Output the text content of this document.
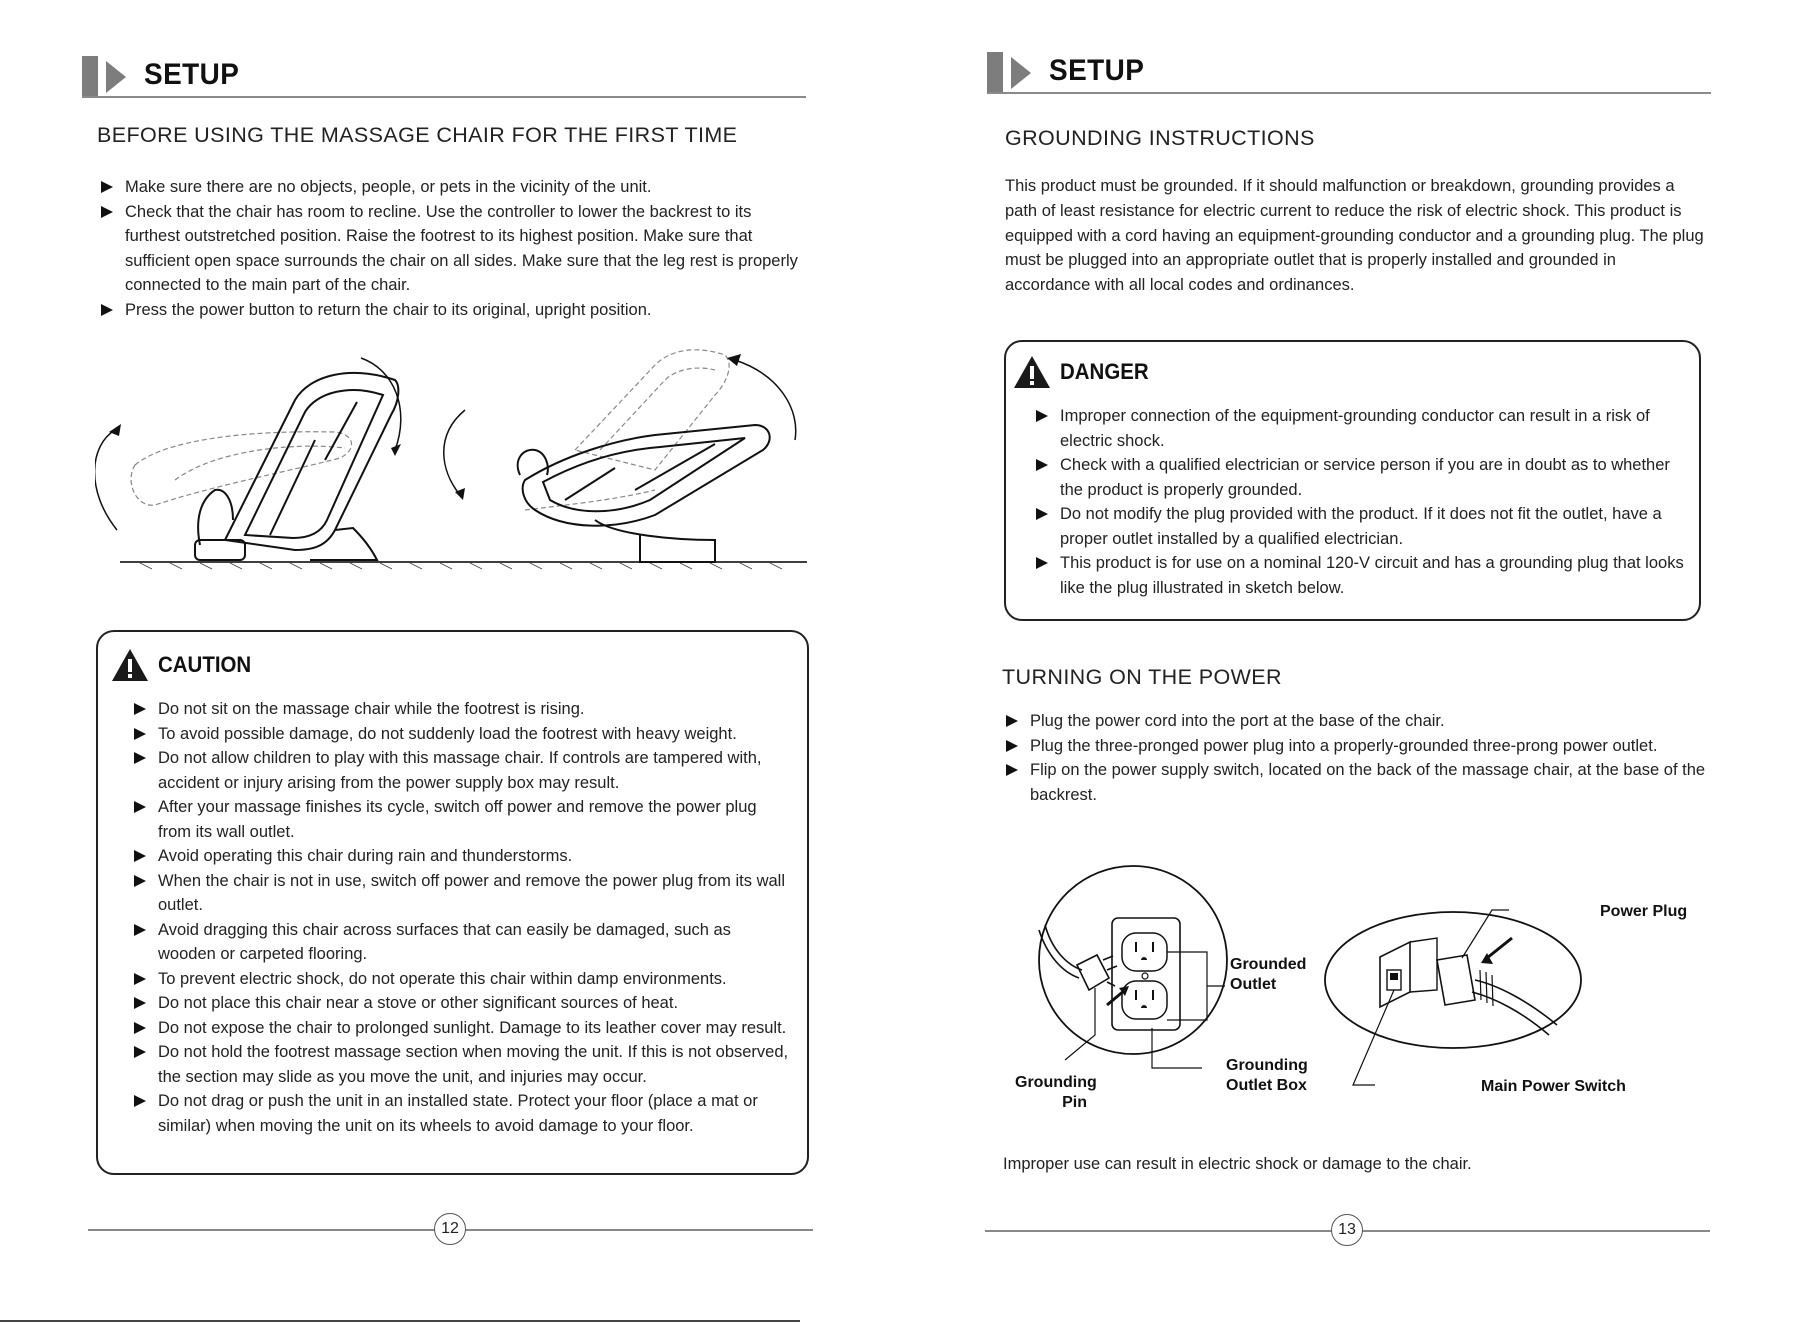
SETUP
BEFORE USING THE MASSAGE CHAIR FOR THE FIRST TIME
Make sure there are no objects, people, or pets in the vicinity of the unit.
Check that the chair has room to recline. Use the controller to lower the backrest to its furthest outstretched position. Raise the footrest to its highest position. Make sure that sufficient open space surrounds the chair on all sides. Make sure that the leg rest is properly connected to the main part of the chair.
Press the power button to return the chair to its original, upright position.
CAUTION
Do not sit on the massage chair while the footrest is rising.
To avoid possible damage, do not suddenly load the footrest with heavy weight.
Do not allow children to play with this massage chair. If controls are tampered with, accident or injury arising from the power supply box may result.
After your massage finishes its cycle, switch off power and remove the power plug from its wall outlet.
Avoid operating this chair during rain and thunderstorms.
When the chair is not in use, switch off power and remove the power plug from its wall outlet.
Avoid dragging this chair across surfaces that can easily be damaged, such as wooden or carpeted flooring.
To prevent electric shock, do not operate this chair within damp environments.
Do not place this chair near a stove or other significant sources of heat.
Do not expose the chair to prolonged sunlight. Damage to its leather cover may result.
Do not hold the footrest massage section when moving the unit. If this is not observed, the section may slide as you move the unit, and injuries may occur.
Do not drag or push the unit in an installed state. Protect your floor (place a mat or similar) when moving the unit on its wheels to avoid damage to your floor.
12
SETUP
GROUNDING INSTRUCTIONS
This product must be grounded. If it should malfunction or breakdown, grounding provides a path of least resistance for electric current to reduce the risk of electric shock. This product is equipped with a cord having an equipment-grounding conductor and a grounding plug. The plug must be plugged into an appropriate outlet that is properly installed and grounded in accordance with all local codes and ordinances.
DANGER
Improper connection of the equipment-grounding conductor can result in a risk of electric shock.
Check with a qualified electrician or service person if you are in doubt as to whether the product is properly grounded.
Do not modify the plug provided with the product. If it does not fit the outlet, have a proper outlet installed by a qualified electrician.
This product is for use on a nominal 120-V circuit and has a grounding plug that looks like the plug illustrated in sketch below.
TURNING ON THE POWER
Plug the power cord into the port at the base of the chair.
Plug the three-pronged power plug into a properly-grounded three-prong power outlet.
Flip on the power supply switch, located on the back of the massage chair, at the base of the backrest.
Grounded Outlet
Grounding Outlet Box
Grounding Pin
Power Plug
Main Power Switch
Improper use can result in electric shock or damage to the chair.
13
